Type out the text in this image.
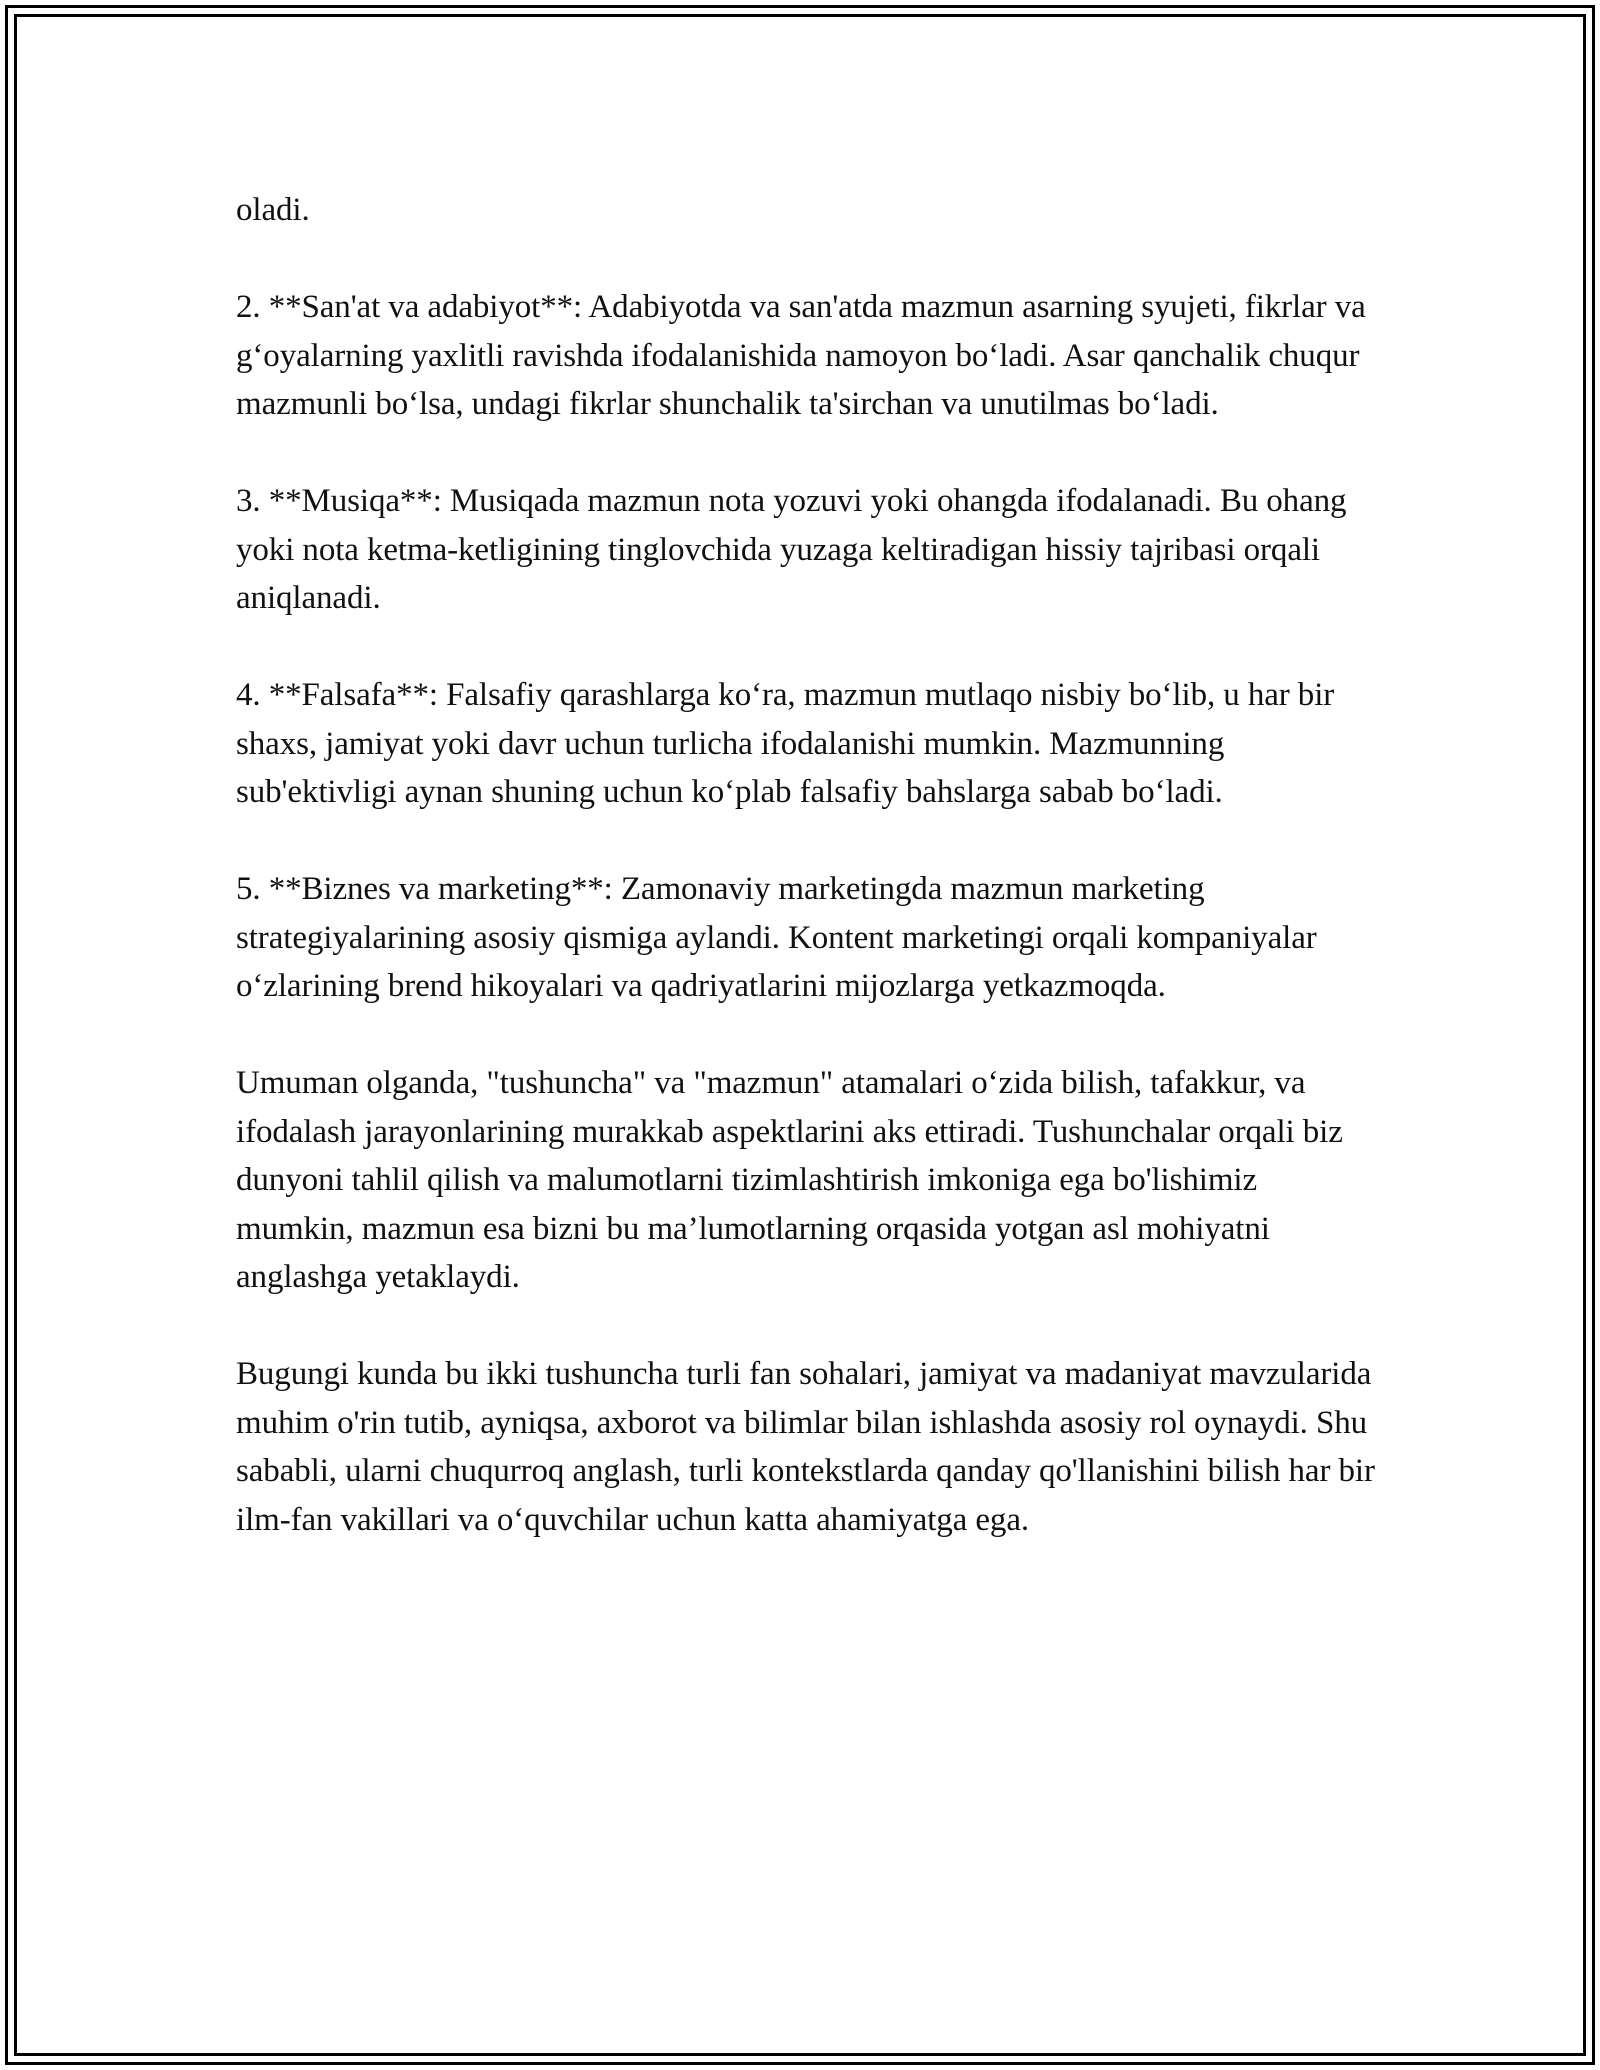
oladi.

2. **San'at va adabiyot**: Adabiyotda va san'atda mazmun asarning syujeti, fikrlar va g‘oyalarning yaxlitli ravishda ifodalanishida namoyon bo‘ladi. Asar qanchalik chuqur mazmunli bo‘lsa, undagi fikrlar shunchalik ta'sirchan va unutilmas bo‘ladi.

3. **Musiqa**: Musiqada mazmun nota yozuvi yoki ohangda ifodalanadi. Bu ohang yoki nota ketma-ketligining tinglovchida yuzaga keltiradigan hissiy tajribasi orqali aniqlanadi.

4. **Falsafa**: Falsafiy qarashlarga ko‘ra, mazmun mutlaqo nisbiy bo‘lib, u har bir shaxs, jamiyat yoki davr uchun turlicha ifodalanishi mumkin. Mazmunning sub'ektivligi aynan shuning uchun ko‘plab falsafiy bahslarga sabab bo‘ladi.

5. **Biznes va marketing**: Zamonaviy marketingda mazmun marketing strategiyalarining asosiy qismiga aylandi. Kontent marketingi orqali kompaniyalar o‘zlarining brend hikoyalari va qadriyatlarini mijozlarga yetkazmoqda.

Umuman olganda, "tushuncha" va "mazmun" atamalari o‘zida bilish, tafakkur, va ifodalash jarayonlarining murakkab aspektlarini aks ettiradi. Tushunchalar orqali biz dunyoni tahlil qilish va malumotlarni tizimlashtirish imkoniga ega bo'lishimiz mumkin, mazmun esa bizni bu ma’lumotlarning orqasida yotgan asl mohiyatni anglashga yetaklaydi.

Bugungi kunda bu ikki tushuncha turli fan sohalari, jamiyat va madaniyat mavzularida muhim o'rin tutib, ayniqsa, axborot va bilimlar bilan ishlashda asosiy rol oynaydi. Shu sababli, ularni chuqurroq anglash, turli kontekstlarda qanday qo'llanishini bilish har bir ilm-fan vakillari va o‘quvchilar uchun katta ahamiyatga ega.
